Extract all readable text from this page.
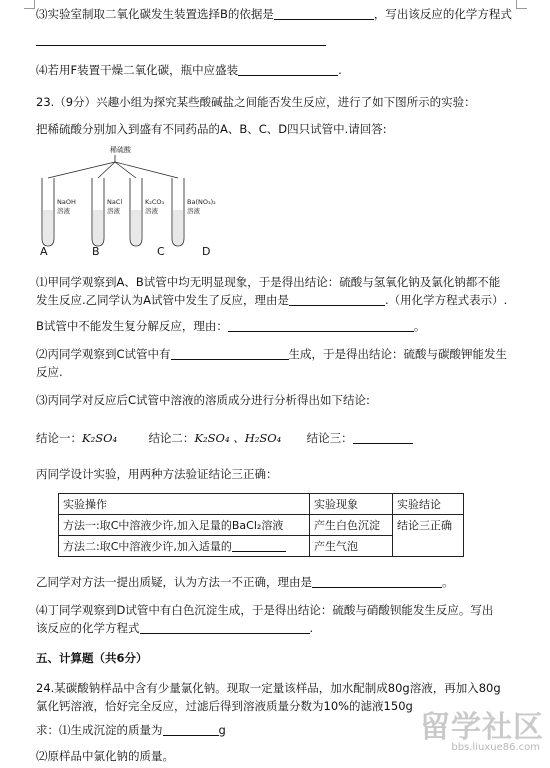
⑶实验室制取二氧化碳发生装置选择B的依据是	，写出该反应的化学方程式
⑷若用F装置干燥二氧化碳，瓶中应盛装	.
23.（9分）兴趣小组为探究某些酸碱盐之间能否发生反应，进行了如下图所示的实验：
把稀硫酸分别加入到盛有不同药品的A、B、C、D四只试管中.请回答:
稀硫酸
NaOH
溶液
NaCl
溶液
K₂CO₃
溶液
Ba(NO₃)₂
溶液
A	B	C	D
⑴甲同学观察到A、B试管中均无明显现象，于是得出结论：硫酸与氢氧化钠及氯化钠都不能
发生反应.乙同学认为A试管中发生了反应，理由是	.（用化学方程式表示）.
B试管中不能发生复分解反应，理由：	。
⑵丙同学观察到C试管中有	生成，于是得出结论：硫酸与碳酸钾能发生
反应.
⑶丙同学对反应后C试管中溶液的溶质成分进行分析得出如下结论:
结论一：K₂SO₄	结论二：K₂SO₄ 、H₂SO₄ 结论三：
丙同学设计实验，用两种方法验证结论三正确：
实验操作	实验现象	实验结论
方法一:取C中溶液少许,加入足量的BaCl₂溶液	产生白色沉淀	结论三正确
方法二:取C中溶液少许,加入适量的	产生气泡	
乙同学对方法一提出质疑，认为方法一不正确，理由是	。
⑷丁同学观察到D试管中有白色沉淀生成，于是得出结论：硫酸与硝酸钡能发生反应。写出
该反应的化学方程式	.
五、计算题（共6分）
24.某碳酸钠样品中含有少量氯化钠。现取一定量该样品，加水配制成80g溶液，再加入80g
氯化钙溶液，恰好完全反应，过滤后得到溶液质量分数为10%的滤液150g
求：⑴生成沉淀的质量为	g
⑵原样品中氯化钠的质量。
留学社区
bbs.liuxue86.com
